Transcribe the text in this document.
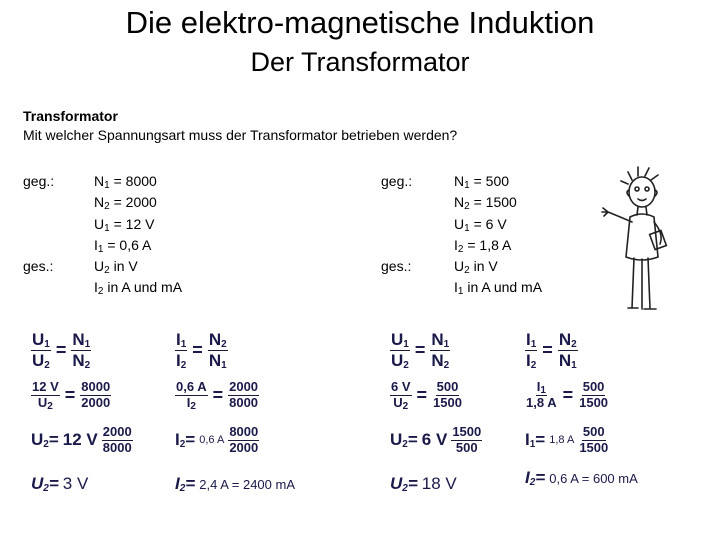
Die elektro-magnetische Induktion
Der Transformator
Transformator
Mit welcher Spannungsart muss der Transformator betrieben werden?
geg.:
ges.:
$N_1 = 8000$
$N_2 = 2000$
$U_1 = 12$ V
$I_1 = 0,6$ A
$U_2$ in V
$I_2$ in A und mA
geg.:
ges.:
$N_1 = 500$
$N_2 = 1500$
$U_1 = 6$ V
$I_2 = 1,8$ A
$U_2$ in V
$I_1$ in A und mA
$\frac{U_1}{U_2} = \frac{N_1}{N_2}$
$\frac{12 V}{U_2} = \frac{8000}{2000}$
$U_2= 12$ V 2000
8000
$U_2= 3$ V
$\frac{I_1}{I_2} = \frac{N_2}{N_1}$
$\frac{0,6 A}{I_2} = \frac{2000}{8000}$
$I_2= 0,6$ A
8000
2000
$I_2= 2,4$ A = 2400 mA
$\frac{U_1}{U_2} = \frac{N_1}{N_2}$
$\frac{6 V}{U_2} = \frac{500}{1500}$
$U_2= 6$ V 1500
500
$U_2= 18$ V
$\frac{I_1}{I_2} = \frac{N_2}{N_1}$
$\frac{I_1}{1,8 A} = \frac{500}{1500}$
$I_1= 1,8$ A
500
1500
$I_2= 0,6$ A = 600 mA
